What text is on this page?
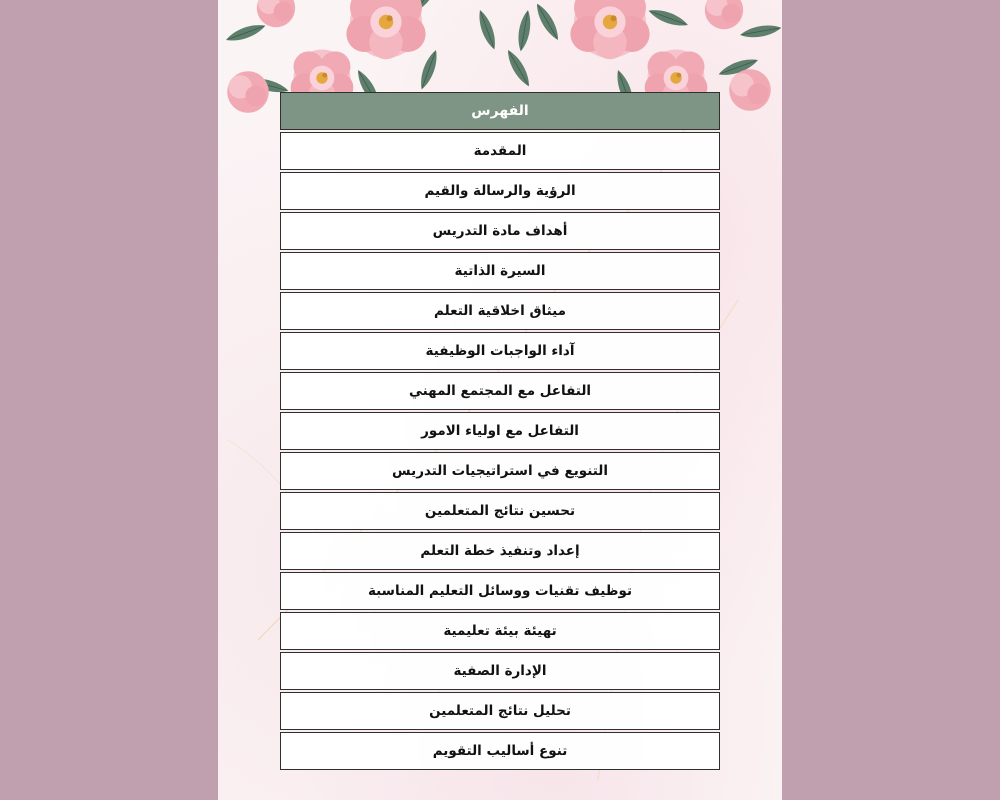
الفهرس
المقدمة
الرؤية والرسالة والقيم
أهداف مادة التدريس
السيرة الذاتية
ميثاق اخلاقية التعلم
آداء الواجبات الوظيفية
التفاعل مع المجتمع المهني
التفاعل مع اولياء الامور
التنويع في استراتيجيات التدريس
تحسين نتائج المتعلمين
إعداد وتنفيذ خطة التعلم
توظيف تقنيات ووسائل التعليم المناسبة
تهيئة بيئة تعليمية
الإدارة الصفية
تحليل نتائج المتعلمين
تنوع أساليب التقويم
